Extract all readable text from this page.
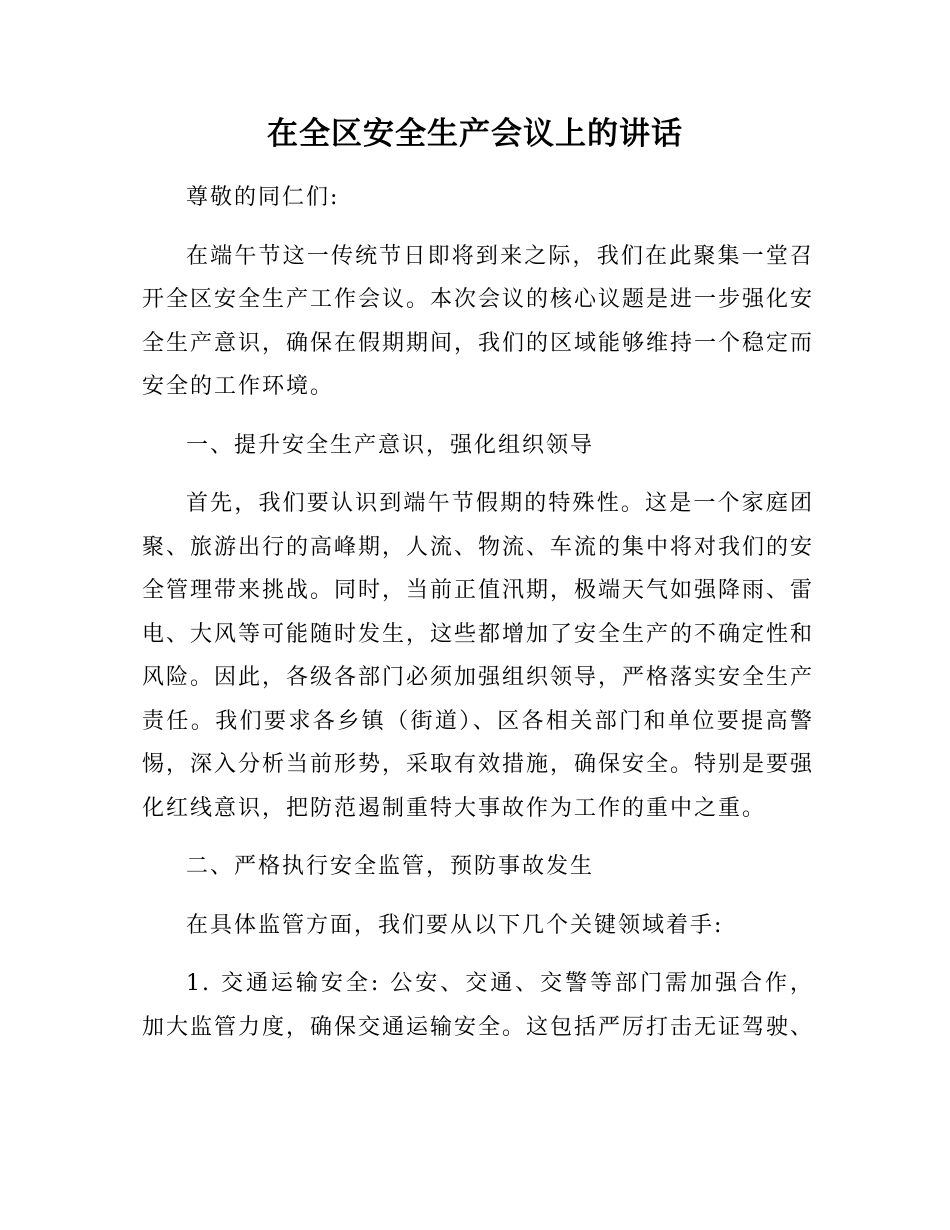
在全区安全生产会议上的讲话

尊敬的同仁们:

在端午节这一传统节日即将到来之际，我们在此聚集一堂召开全区安全生产工作会议。本次会议的核心议题是进一步强化安全生产意识，确保在假期期间，我们的区域能够维持一个稳定而安全的工作环境。

一、提升安全生产意识，强化组织领导

首先，我们要认识到端午节假期的特殊性。这是一个家庭团聚、旅游出行的高峰期，人流、物流、车流的集中将对我们的安全管理带来挑战。同时，当前正值汛期，极端天气如强降雨、雷电、大风等可能随时发生，这些都增加了安全生产的不确定性和风险。因此，各级各部门必须加强组织领导，严格落实安全生产责任。我们要求各乡镇（街道）、区各相关部门和单位要提高警惕，深入分析当前形势，采取有效措施，确保安全。特别是要强化红线意识，把防范遏制重特大事故作为工作的重中之重。

二、严格执行安全监管，预防事故发生

在具体监管方面，我们要从以下几个关键领域着手:

1. 交通运输安全: 公安、交通、交警等部门需加强合作，加大监管力度，确保交通运输安全。这包括严厉打击无证驾驶、
